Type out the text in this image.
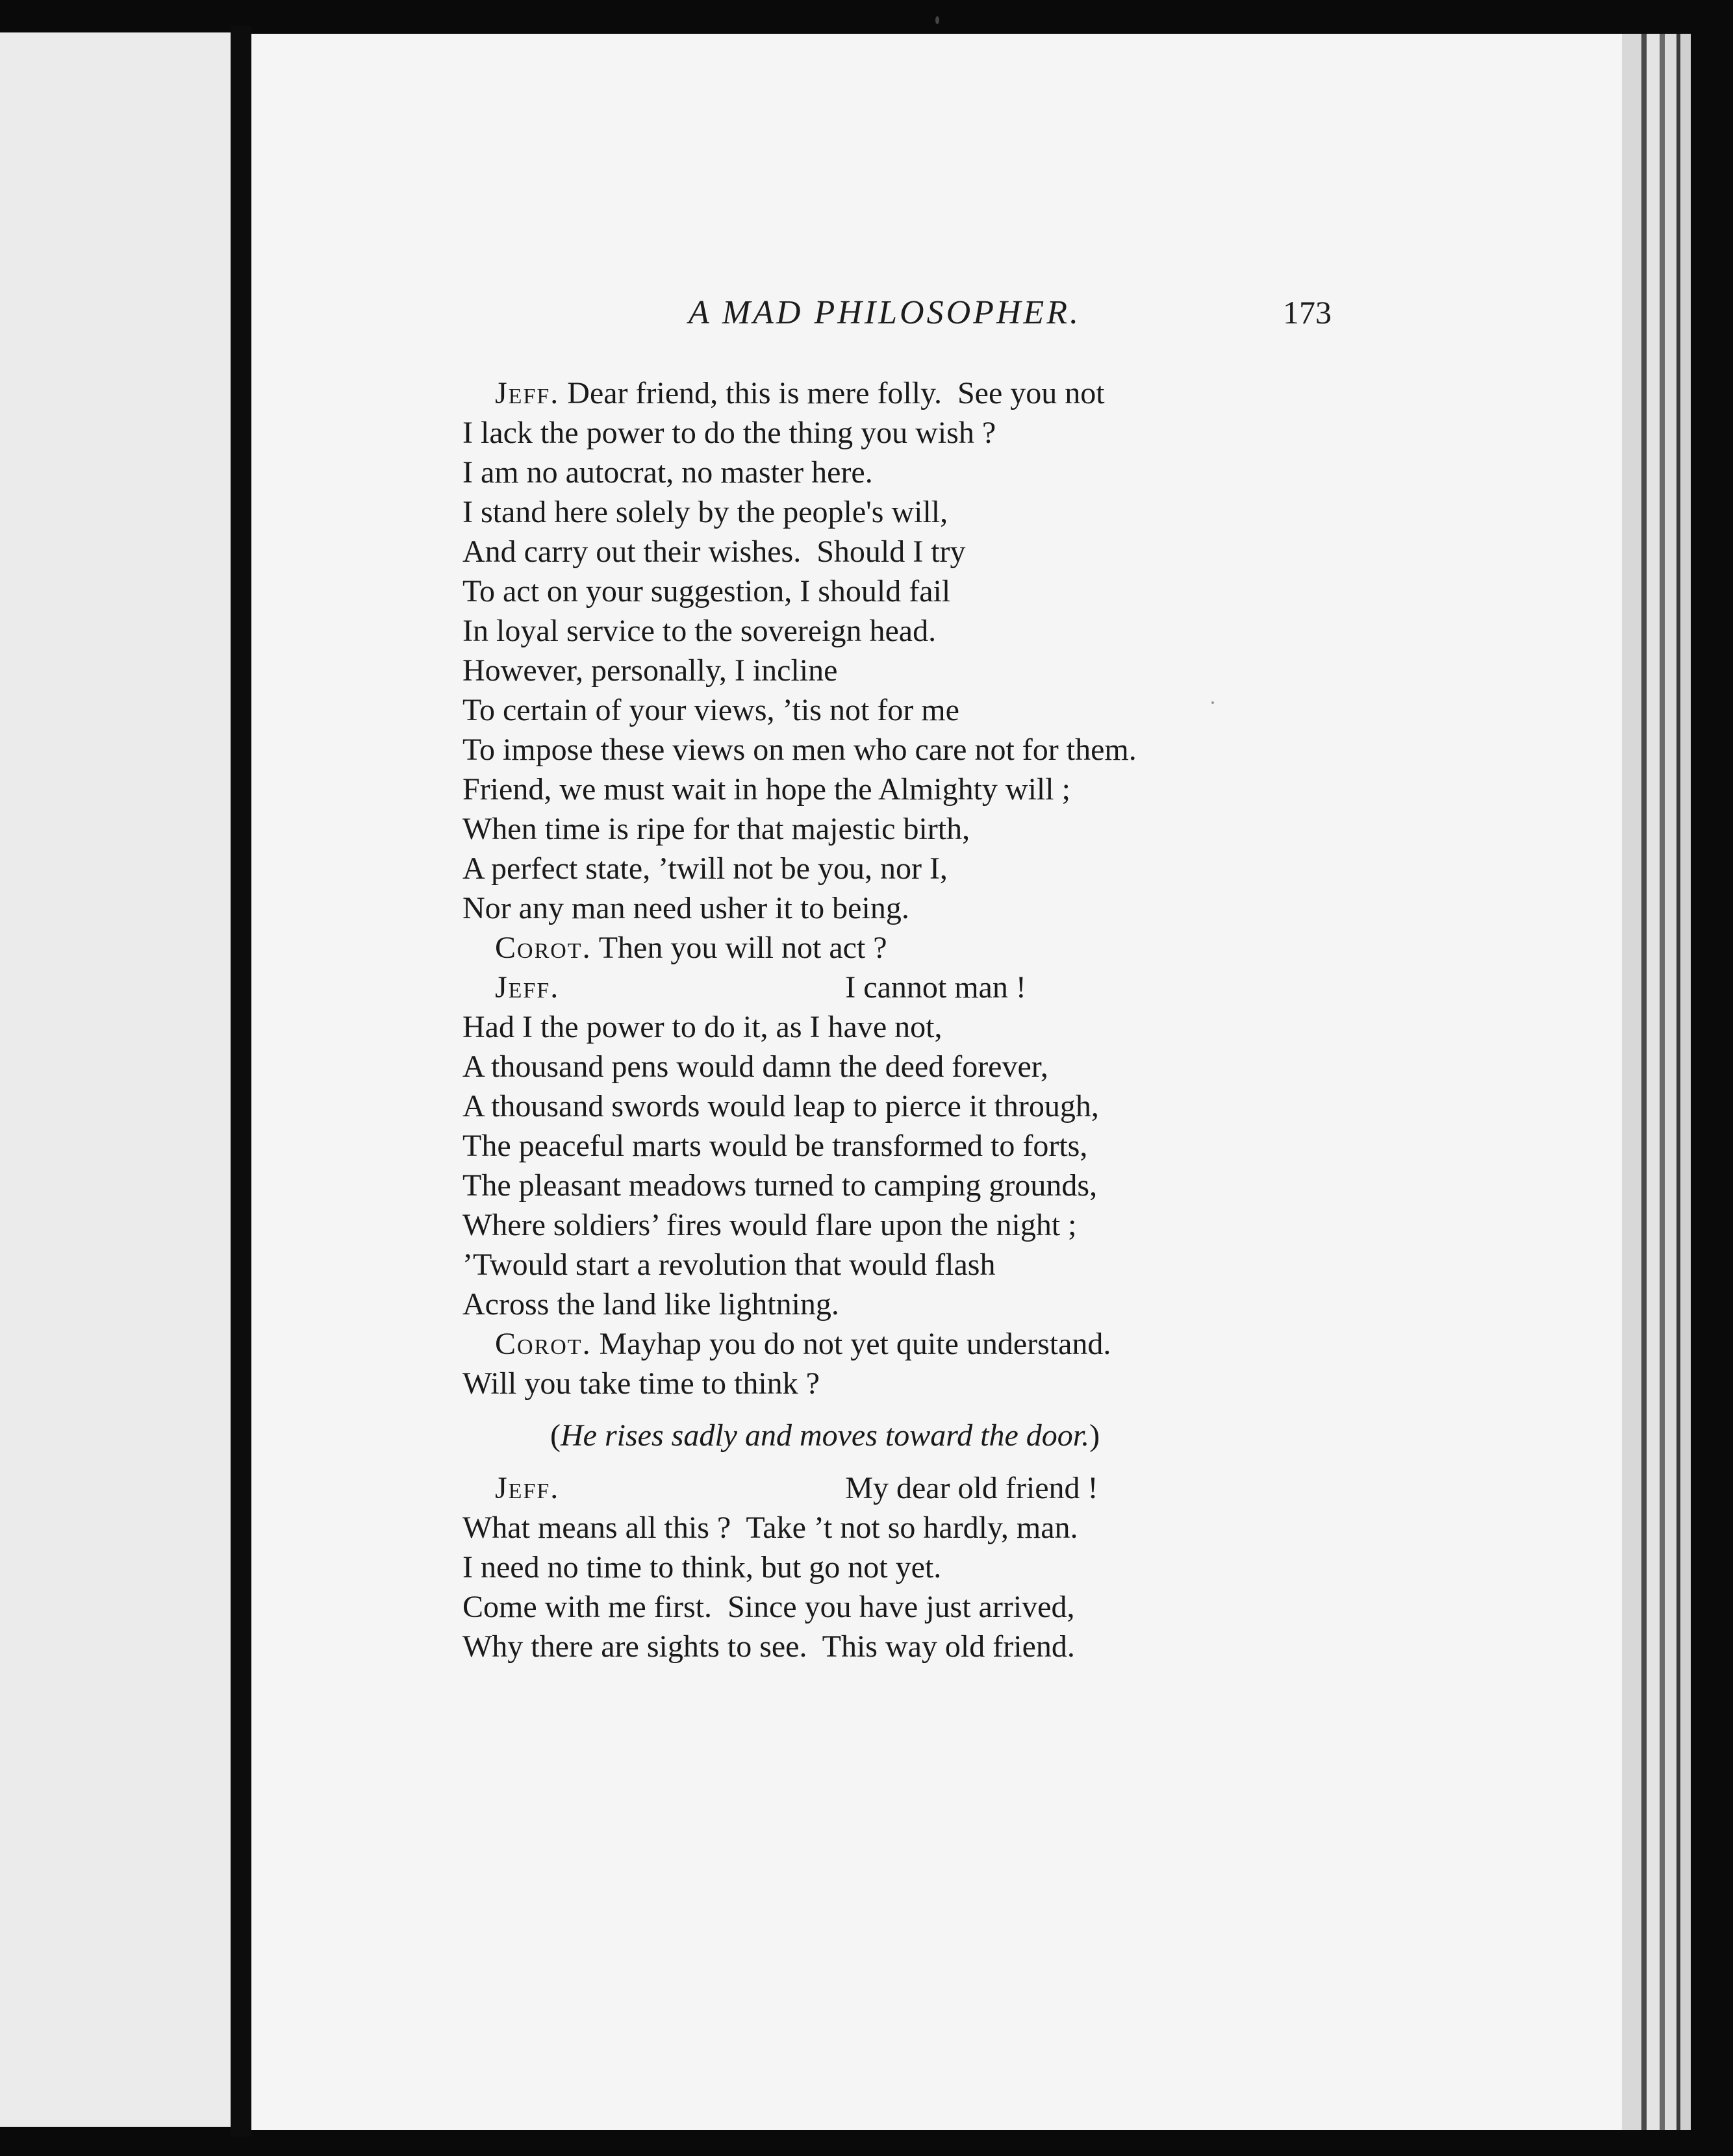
A MAD PHILOSOPHER.	173
Jeff. Dear friend, this is mere folly.  See you not
I lack the power to do the thing you wish ?
I am no autocrat, no master here.
I stand here solely by the people's will,
And carry out their wishes.  Should I try
To act on your suggestion, I should fail
In loyal service to the sovereign head.
However, personally, I incline
To certain of your views, ’tis not for me
To impose these views on men who care not for them.
Friend, we must wait in hope the Almighty will ;
When time is ripe for that majestic birth,
A perfect state, ’twill not be you, nor I,
Nor any man need usher it to being.
Corot. Then you will not act ?
Jeff.	I cannot man !
Had I the power to do it, as I have not,
A thousand pens would damn the deed forever,
A thousand swords would leap to pierce it through,
The peaceful marts would be transformed to forts,
The pleasant meadows turned to camping grounds,
Where soldiers’ fires would flare upon the night ;
’Twould start a revolution that would flash
Across the land like lightning.
Corot. Mayhap you do not yet quite understand.
Will you take time to think ?
(He rises sadly and moves toward the door.)
Jeff.	My dear old friend !
What means all this ?  Take ’t not so hardly, man.
I need no time to think, but go not yet.
Come with me first.  Since you have just arrived,
Why there are sights to see.  This way old friend.
